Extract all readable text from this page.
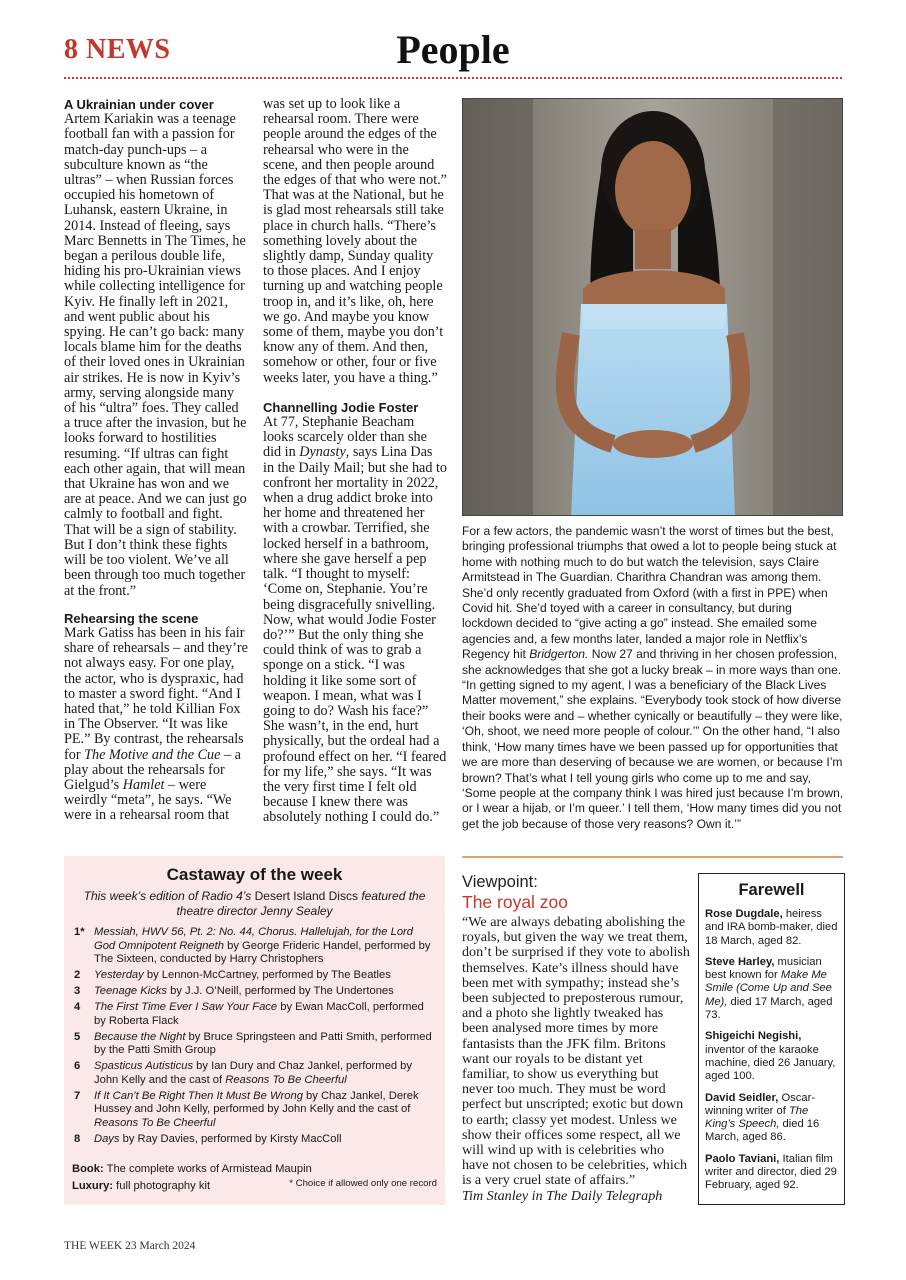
8 NEWS	People
A Ukrainian under cover

Artem Kariakin was a teenage football fan with a passion for match-day punch-ups – a subculture known as “the ultras” – when Russian forces occupied his hometown of Luhansk, eastern Ukraine, in 2014. Instead of fleeing, says Marc Bennetts in The Times, he began a perilous double life, hiding his pro-Ukrainian views while collecting intelligence for Kyiv. He finally left in 2021, and went public about his spying. He can’t go back: many locals blame him for the deaths of their loved ones in Ukrainian air strikes. He is now in Kyiv’s army, serving alongside many of his “ultra” foes. They called a truce after the invasion, but he looks forward to hostilities resuming. “If ultras can fight each other again, that will mean that Ukraine has won and we are at peace. And we can just go calmly to football and fight. That will be a sign of stability. But I don’t think these fights will be too violent. We’ve all been through too much together at the front.”

Rehearsing the scene

Mark Gatiss has been in his fair share of rehearsals – and they’re not always easy. For one play, the actor, who is dyspraxic, had to master a sword fight. “And I hated that,” he told Killian Fox in The Observer. “It was like PE.” By contrast, the rehearsals for The Motive and the Cue – a play about the rehearsals for Gielgud’s Hamlet – were weirdly “meta”, he says. “We were in a rehearsal room that

was set up to look like a rehearsal room. There were people around the edges of the rehearsal who were in the scene, and then people around the edges of that who were not.” That was at the National, but he is glad most rehearsals still take place in church halls. “There’s something lovely about the slightly damp, Sunday quality to those places. And I enjoy turning up and watching people troop in, and it’s like, oh, here we go. And maybe you know some of them, maybe you don’t know any of them. And then, somehow or other, four or five weeks later, you have a thing.”

Channelling Jodie Foster

At 77, Stephanie Beacham looks scarcely older than she did in Dynasty, says Lina Das in the Daily Mail; but she had to confront her mortality in 2022, when a drug addict broke into her home and threatened her with a crowbar. Terrified, she locked herself in a bathroom, where she gave herself a pep talk. “I thought to myself: ‘Come on, Stephanie. You’re being disgracefully snivelling. Now, what would Jodie Foster do?’” But the only thing she could think of was to grab a sponge on a stick. “I was holding it like some sort of weapon. I mean, what was I going to do? Wash his face?” She wasn’t, in the end, hurt physically, but the ordeal had a profound effect on her. “I feared for my life,” she says. “It was the very first time I felt old because I knew there was absolutely nothing I could do.”

For a few actors, the pandemic wasn’t the worst of times but the best, bringing professional triumphs that owed a lot to people being stuck at home with nothing much to do but watch the television, says Claire Armitstead in The Guardian. Charithra Chandran was among them. She’d only recently graduated from Oxford (with a first in PPE) when Covid hit. She’d toyed with a career in consultancy, but during lockdown decided to “give acting a go” instead. She emailed some agencies and, a few months later, landed a major role in Netflix’s Regency hit Bridgerton. Now 27 and thriving in her chosen profession, she acknowledges that she got a lucky break – in more ways than one. “In getting signed to my agent, I was a beneficiary of the Black Lives Matter movement,” she explains. “Everybody took stock of how diverse their books were and – whether cynically or beautifully – they were like, ‘Oh, shoot, we need more people of colour.’” On the other hand, “I also think, ‘How many times have we been passed up for opportunities that we are more than deserving of because we are women, or because I’m brown? That’s what I tell young girls who come up to me and say, ‘Some people at the company think I was hired just because I’m brown, or I wear a hijab, or I’m queer.’ I tell them, ‘How many times did you not get the job because of those very reasons? Own it.’”
Castaway of the week
This week’s edition of Radio 4’s Desert Island Discs featured the theatre director Jenny Sealey
1* Messiah, HWV 56, Pt. 2: No. 44, Chorus. Hallelujah, for the Lord God Omnipotent Reigneth by George Frideric Handel, performed by The Sixteen, conducted by Harry Christophers
2	Yesterday by Lennon-McCartney, performed by The Beatles
3	Teenage Kicks by J.J. O’Neill, performed by The Undertones
4	The First Time Ever I Saw Your Face by Ewan MacColl, performed by Roberta Flack
5	Because the Night by Bruce Springsteen and Patti Smith, performed by the Patti Smith Group
6	Spasticus Autisticus by Ian Dury and Chaz Jankel, performed by John Kelly and the cast of Reasons To Be Cheerful
7	If It Can’t Be Right Then It Must Be Wrong by Chaz Jankel, Derek Hussey and John Kelly, performed by John Kelly and the cast of Reasons To Be Cheerful
8	Days by Ray Davies, performed by Kirsty MacColl
Book: The complete works of Armistead Maupin
Luxury: full photography kit	* Choice if allowed only one record
Viewpoint:
The royal zoo
“We are always debating abolishing the royals, but given the way we treat them, don’t be surprised if they vote to abolish themselves. Kate’s illness should have been met with sympathy; instead she’s been subjected to preposterous rumour, and a photo she lightly tweaked has been analysed more times by more fantasists than the JFK film. Britons want our royals to be distant yet familiar, to show us everything but never too much. They must be word perfect but unscripted; exotic but down to earth; classy yet modest. Unless we show their offices some respect, all we will wind up with is celebrities who have not chosen to be celebrities, which is a very cruel state of affairs.”
Tim Stanley in The Daily Telegraph
Farewell
Rose Dugdale, heiress and IRA bomb-maker, died 18 March, aged 82.
Steve Harley, musician best known for Make Me Smile (Come Up and See Me), died 17 March, aged 73.
Shigeichi Negishi, inventor of the karaoke machine, died 26 January, aged 100.
David Seidler, Oscar-winning writer of The King’s Speech, died 16 March, aged 86.
Paolo Taviani, Italian film writer and director, died 29 February, aged 92.
THE WEEK 23 March 2024
